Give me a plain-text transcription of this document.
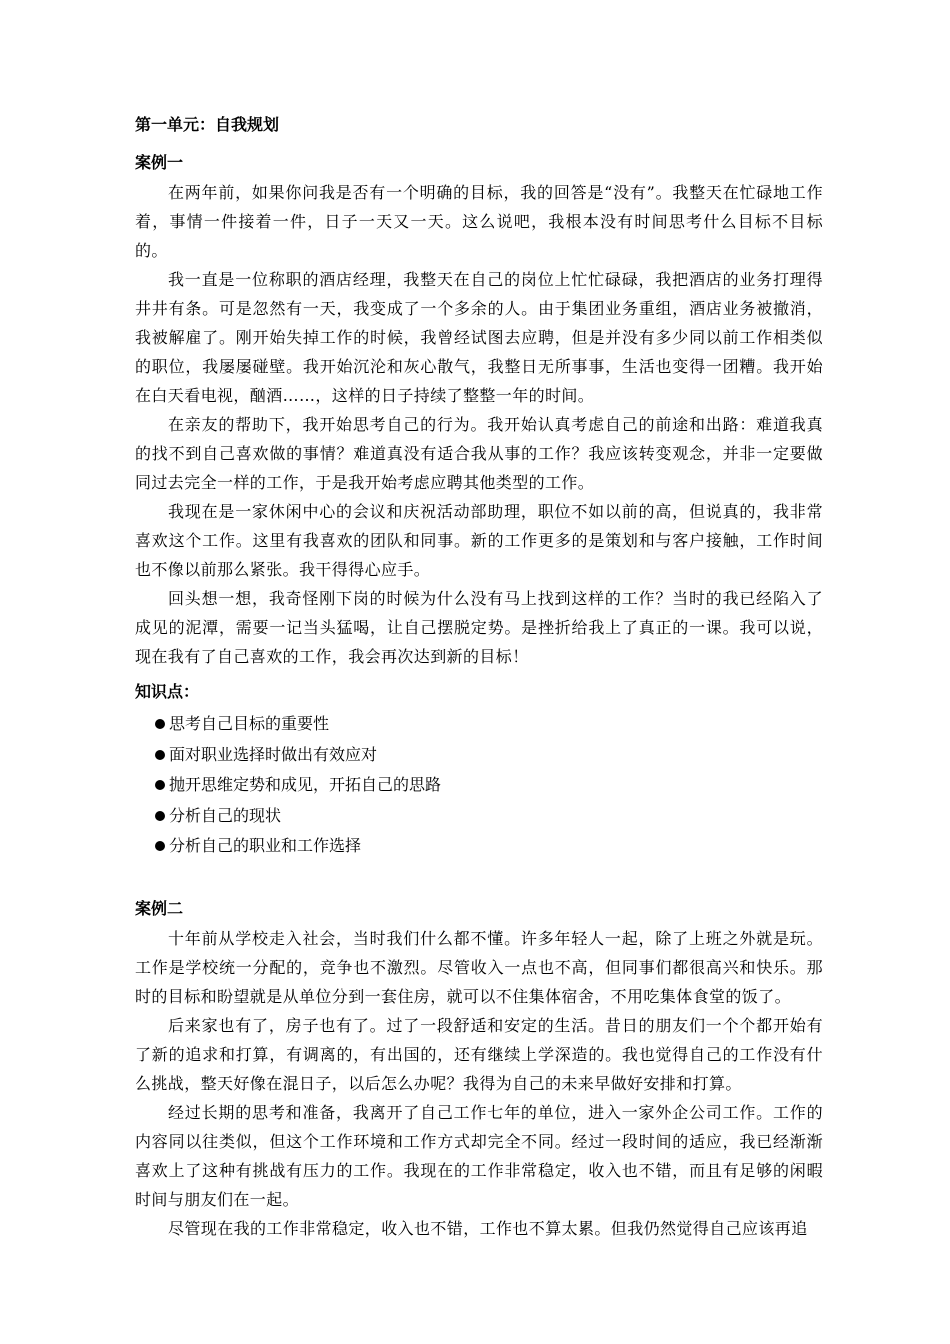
第一单元：自我规划
案例一

在两年前，如果你问我是否有一个明确的目标，我的回答是“没有”。我整天在忙碌地工作着，事情一件接着一件，日子一天又一天。这么说吧，我根本没有时间思考什么目标不目标的。

我一直是一位称职的酒店经理，我整天在自己的岗位上忙忙碌碌，我把酒店的业务打理得井井有条。可是忽然有一天，我变成了一个多余的人。由于集团业务重组，酒店业务被撤消，我被解雇了。刚开始失掉工作的时候，我曾经试图去应聘，但是并没有多少同以前工作相类似的职位，我屡屡碰壁。我开始沉沦和灰心散气，我整日无所事事，生活也变得一团糟。我开始在白天看电视，酗酒……，这样的日子持续了整整一年的时间。

在亲友的帮助下，我开始思考自己的行为。我开始认真考虑自己的前途和出路：难道我真的找不到自己喜欢做的事情？难道真没有适合我从事的工作？我应该转变观念，并非一定要做同过去完全一样的工作，于是我开始考虑应聘其他类型的工作。

我现在是一家休闲中心的会议和庆祝活动部助理，职位不如以前的高，但说真的，我非常喜欢这个工作。这里有我喜欢的团队和同事。新的工作更多的是策划和与客户接触，工作时间也不像以前那么紧张。我干得得心应手。

回头想一想，我奇怪刚下岗的时候为什么没有马上找到这样的工作？当时的我已经陷入了成见的泥潭，需要一记当头猛喝，让自己摆脱定势。是挫折给我上了真正的一课。我可以说，现在我有了自己喜欢的工作，我会再次达到新的目标！

知识点：
思考自己目标的重要性
面对职业选择时做出有效应对
抛开思维定势和成见，开拓自己的思路
分析自己的现状
分析自己的职业和工作选择
案例二

十年前从学校走入社会，当时我们什么都不懂。许多年轻人一起，除了上班之外就是玩。工作是学校统一分配的，竞争也不激烈。尽管收入一点也不高，但同事们都很高兴和快乐。那时的目标和盼望就是从单位分到一套住房，就可以不住集体宿舍，不用吃集体食堂的饭了。

后来家也有了，房子也有了。过了一段舒适和安定的生活。昔日的朋友们一个个都开始有了新的追求和打算，有调离的，有出国的，还有继续上学深造的。我也觉得自己的工作没有什么挑战，整天好像在混日子，以后怎么办呢？我得为自己的未来早做好安排和打算。

经过长期的思考和准备，我离开了自己工作七年的单位，进入一家外企公司工作。工作的内容同以往类似，但这个工作环境和工作方式却完全不同。经过一段时间的适应，我已经渐渐喜欢上了这种有挑战有压力的工作。我现在的工作非常稳定，收入也不错，而且有足够的闲暇时间与朋友们在一起。

尽管现在我的工作非常稳定，收入也不错，工作也不算太累。但我仍然觉得自己应该再追
